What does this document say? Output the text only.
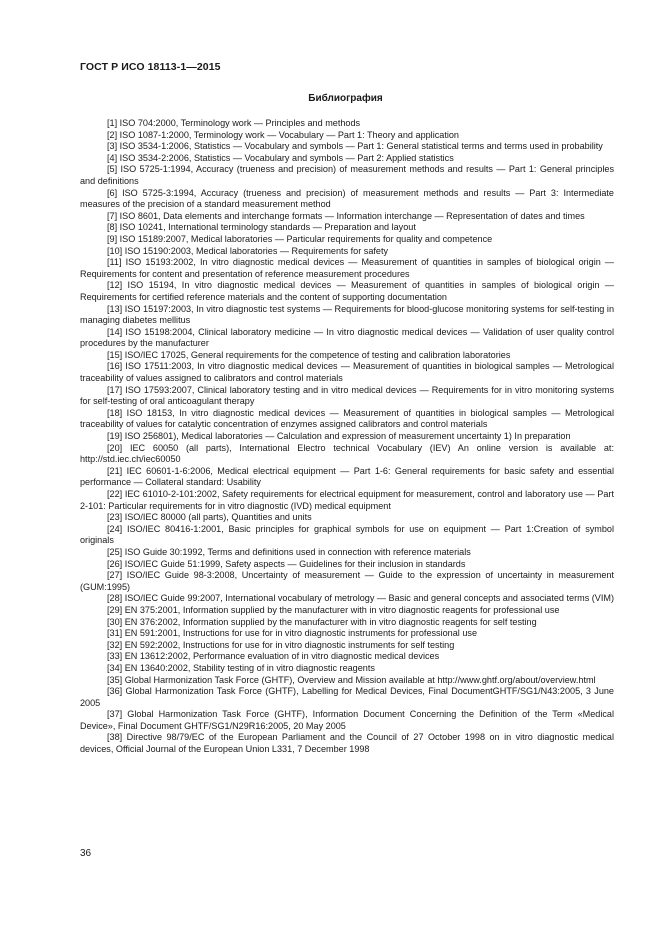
ГОСТ Р ИСО 18113-1—2015
Библиография

[1] ISO 704:2000, Terminology work — Principles and methods

[2] ISO 1087-1:2000, Terminology work — Vocabulary — Part 1: Theory and application

[3] ISO 3534-1:2006, Statistics — Vocabulary and symbols — Part 1: General statistical terms and terms used in probability

[4] ISO 3534-2:2006, Statistics — Vocabulary and symbols — Part 2: Applied statistics

[5] ISO 5725-1:1994, Accuracy (trueness and precision) of measurement methods and results — Part 1: General principles and definitions

[6] ISO 5725-3:1994, Accuracy (trueness and precision) of measurement methods and results — Part 3: Intermediate measures of the precision of a standard measurement method

[7] ISO 8601, Data elements and interchange formats — Information interchange — Representation of dates and times

[8] ISO 10241, International terminology standards — Preparation and layout

[9] ISO 15189:2007, Medical laboratories — Particular requirements for quality and competence

[10] ISO 15190:2003, Medical laboratories — Requirements for safety

[11] ISO 15193:2002, In vitro diagnostic medical devices — Measurement of quantities in samples of biological origin — Requirements for content and presentation of reference measurement procedures

[12] ISO 15194, In vitro diagnostic medical devices — Measurement of quantities in samples of biological origin — Requirements for certified reference materials and the content of supporting documentation

[13] ISO 15197:2003, In vitro diagnostic test systems — Requirements for blood-glucose monitoring systems for self-testing in managing diabetes mellitus

[14] ISO 15198:2004, Clinical laboratory medicine — In vitro diagnostic medical devices — Validation of user quality control procedures by the manufacturer

[15] ISO/IEC 17025, General requirements for the competence of testing and calibration laboratories

[16] ISO 17511:2003, In vitro diagnostic medical devices — Measurement of quantities in biological samples — Metrological traceability of values assigned to calibrators and control materials

[17] ISO 17593:2007, Clinical laboratory testing and in vitro medical devices — Requirements for in vitro monitoring systems for self-testing of oral anticoagulant therapy

[18] ISO 18153, In vitro diagnostic medical devices — Measurement of quantities in biological samples — Metrological traceability of values for catalytic concentration of enzymes assigned calibrators and control materials

[19] ISO 256801), Medical laboratories — Calculation and expression of measurement uncertainty 1) In preparation

[20] IEC 60050 (all parts), International Electro technical Vocabulary (IEV) An online version is available at: http://std.iec.ch/iec60050

[21] IEC 60601-1-6:2006, Medical electrical equipment — Part 1-6: General requirements for basic safety and essential performance — Collateral standard: Usability

[22] IEC 61010-2-101:2002, Safety requirements for electrical equipment for measurement, control and laboratory use — Part 2-101: Particular requirements for in vitro diagnostic (IVD) medical equipment

[23] ISO/IEC 80000 (all parts), Quantities and units

[24] ISO/IEC 80416-1:2001, Basic principles for graphical symbols for use on equipment — Part 1:Creation of symbol originals

[25] ISO Guide 30:1992, Terms and definitions used in connection with reference materials

[26] ISO/IEC Guide 51:1999, Safety aspects — Guidelines for their inclusion in standards

[27] ISO/IEC Guide 98-3:2008, Uncertainty of measurement — Guide to the expression of uncertainty in measurement (GUM:1995)

[28] ISO/IEC Guide 99:2007, International vocabulary of metrology — Basic and general concepts and associated terms (VIM)

[29] EN 375:2001, Information supplied by the manufacturer with in vitro diagnostic reagents for professional use

[30] EN 376:2002, Information supplied by the manufacturer with in vitro diagnostic reagents for self testing

[31] EN 591:2001, Instructions for use for in vitro diagnostic instruments for professional use

[32] EN 592:2002, Instructions for use for in vitro diagnostic instruments for self testing

[33] EN 13612:2002, Performance evaluation of in vitro diagnostic medical devices

[34] EN 13640:2002, Stability testing of in vitro diagnostic reagents

[35] Global Harmonization Task Force (GHTF), Overview and Mission available at http://www.ghtf.org/about/overview.html

[36] Global Harmonization Task Force (GHTF), Labelling for Medical Devices, Final DocumentGHTF/SG1/N43:2005, 3 June 2005

[37] Global Harmonization Task Force (GHTF), Information Document Concerning the Definition of the Term «Medical Device», Final Document GHTF/SG1/N29R16:2005, 20 May 2005

[38] Directive 98/79/EC of the European Parliament and the Council of 27 October 1998 on in vitro diagnostic medical devices, Official Journal of the European Union L331, 7 December 1998

36
